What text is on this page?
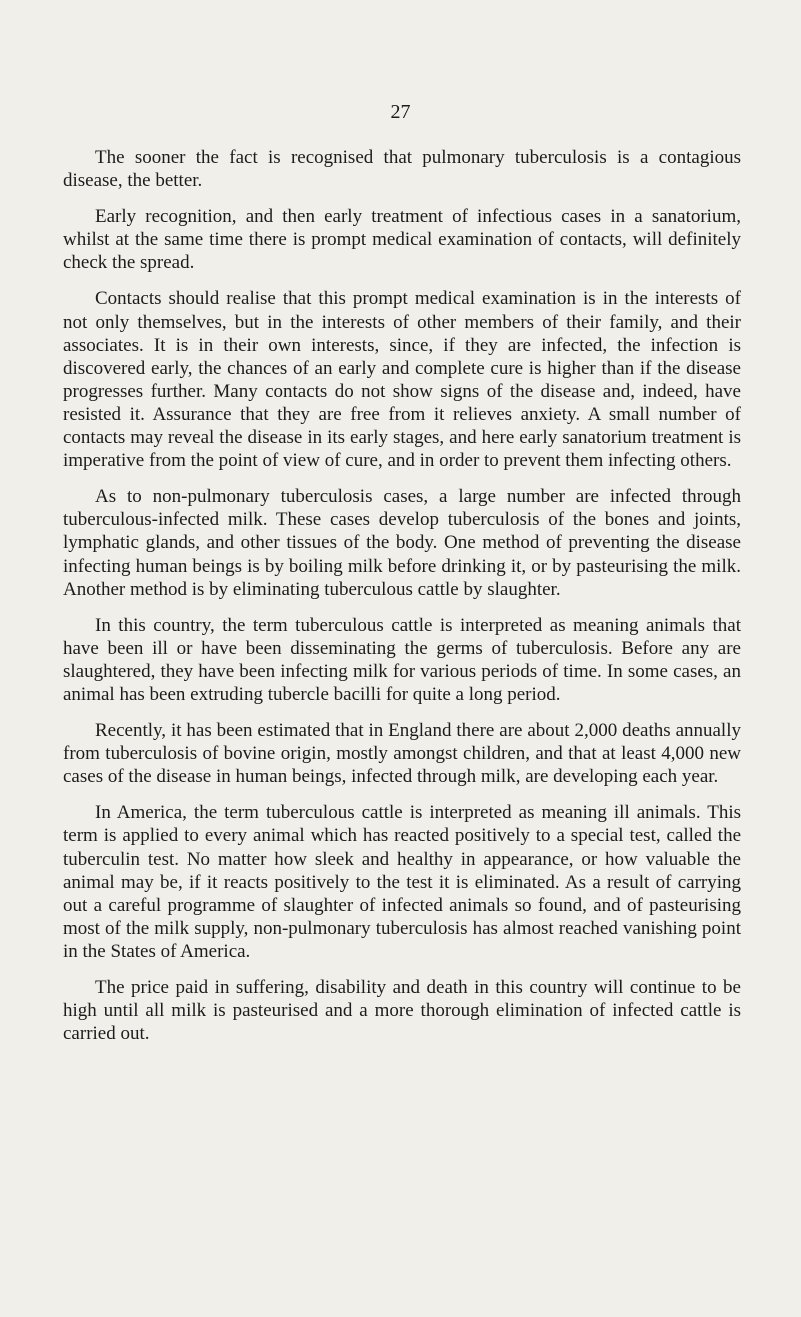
27

The sooner the fact is recognised that pulmonary tuberculosis is a contagious disease, the better.

Early recognition, and then early treatment of infectious cases in a sanatorium, whilst at the same time there is prompt medical examination of contacts, will definitely check the spread.

Contacts should realise that this prompt medical examination is in the interests of not only themselves, but in the interests of other members of their family, and their associates. It is in their own interests, since, if they are infected, the infection is discovered early, the chances of an early and complete cure is higher than if the disease progresses further. Many contacts do not show signs of the disease and, indeed, have resisted it. Assurance that they are free from it relieves anxiety. A small number of contacts may reveal the disease in its early stages, and here early sanatorium treatment is imperative from the point of view of cure, and in order to prevent them infecting others.

As to non-pulmonary tuberculosis cases, a large number are infected through tuberculous-infected milk. These cases develop tuberculosis of the bones and joints, lymphatic glands, and other tissues of the body. One method of preventing the disease infecting human beings is by boiling milk before drinking it, or by pasteurising the milk. Another method is by eliminating tuberculous cattle by slaughter.

In this country, the term tuberculous cattle is interpreted as meaning animals that have been ill or have been disseminating the germs of tuberculosis. Before any are slaughtered, they have been infecting milk for various periods of time. In some cases, an animal has been extruding tubercle bacilli for quite a long period.

Recently, it has been estimated that in England there are about 2,000 deaths annually from tuberculosis of bovine origin, mostly amongst children, and that at least 4,000 new cases of the disease in human beings, infected through milk, are developing each year.

In America, the term tuberculous cattle is interpreted as meaning ill animals. This term is applied to every animal which has reacted positively to a special test, called the tuberculin test. No matter how sleek and healthy in appearance, or how valuable the animal may be, if it reacts positively to the test it is eliminated. As a result of carrying out a careful programme of slaughter of infected animals so found, and of pasteurising most of the milk supply, non-pulmonary tuberculosis has almost reached vanishing point in the States of America.

The price paid in suffering, disability and death in this country will continue to be high until all milk is pasteurised and a more thorough elimination of infected cattle is carried out.
